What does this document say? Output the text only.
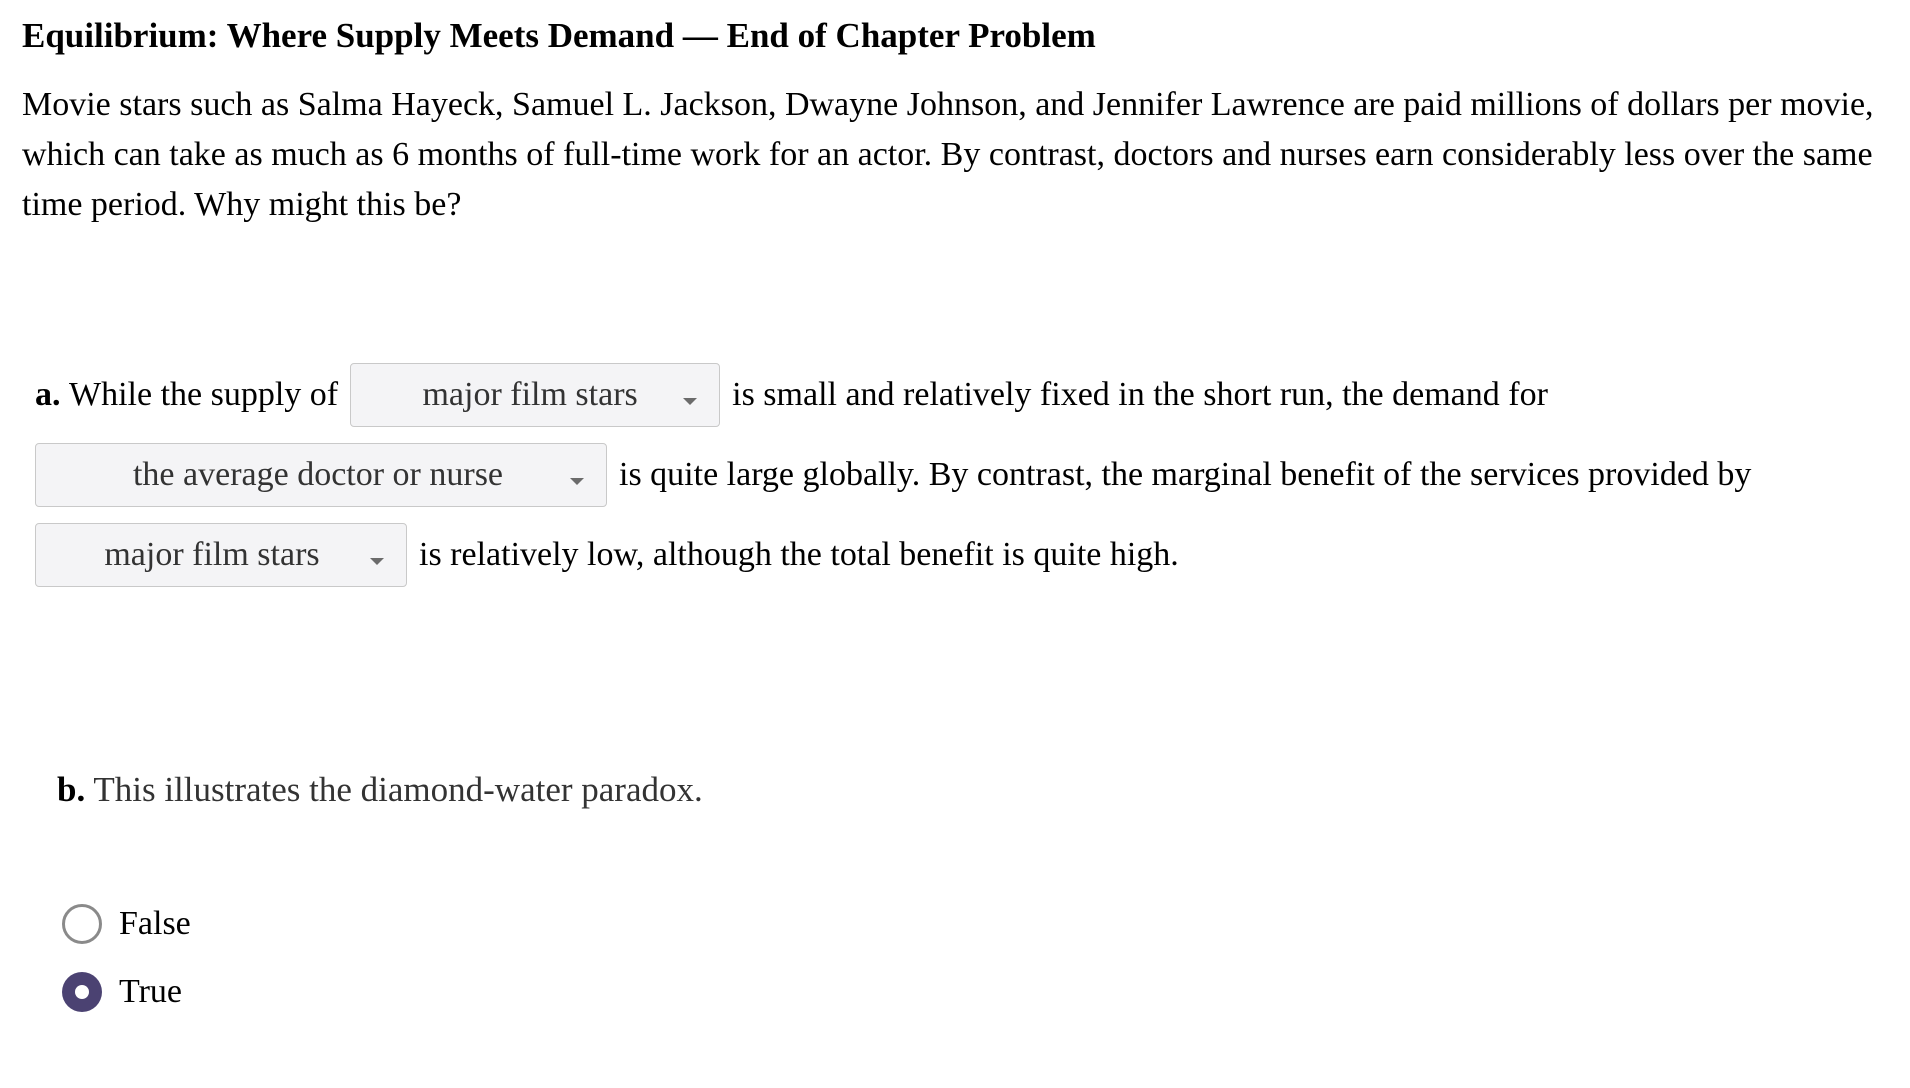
Equilibrium: Where Supply Meets Demand — End of Chapter Problem

Movie stars such as Salma Hayeck, Samuel L. Jackson, Dwayne Johnson, and Jennifer Lawrence are paid millions of dollars per movie, which can take as much as 6 months of full-time work for an actor. By contrast, doctors and nurses earn considerably less over the same time period. Why might this be?

a.
While the supply of	major film stars	is small and relatively fixed in the short run, the demand for
the average doctor or nurse	is quite large globally. By contrast, the marginal benefit of the services provided by
major film stars	is relatively low, although the total benefit is quite high.
b. This illustrates the diamond-water paradox.
False
True
